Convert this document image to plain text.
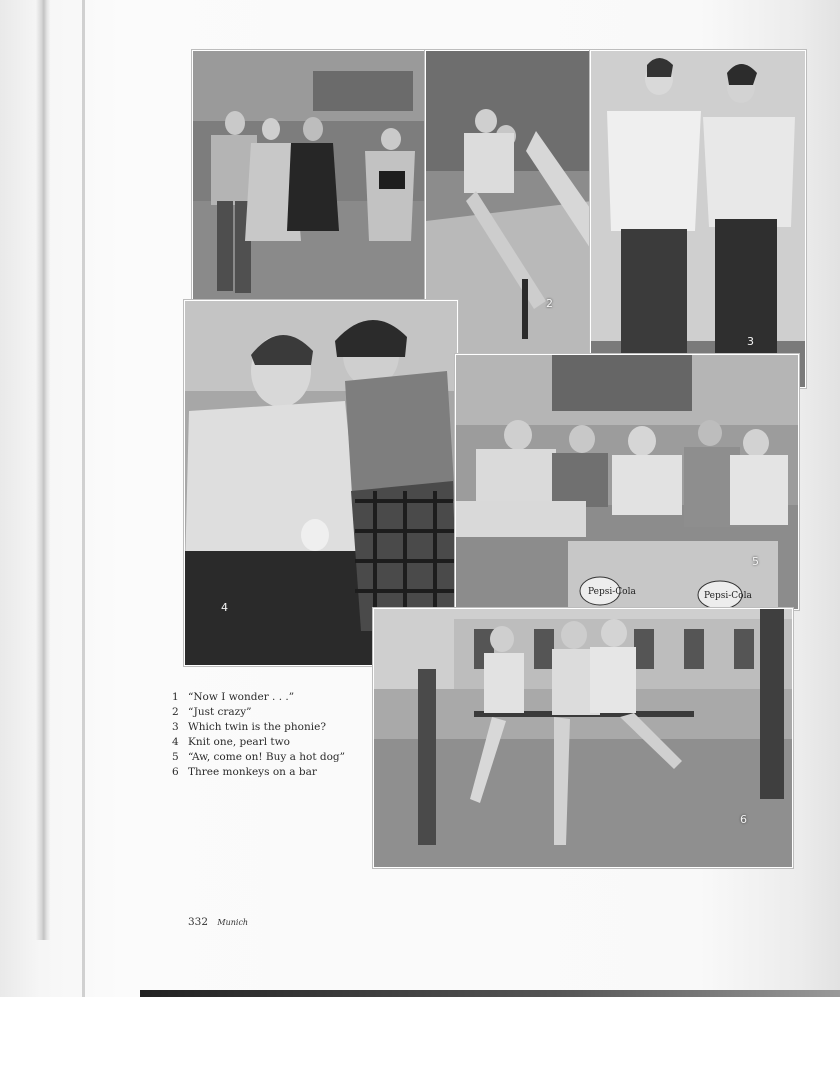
2
3
4
Pepsi-Cola	Pepsi-Cola
5
6
1 “Now I wonder . . .”
2 “Just crazy”
3 Which twin is the phonie?
4 Knit one, pearl two
5 “Aw, come on! Buy a hot dog”
6 Three monkeys on a bar
332 Munich
